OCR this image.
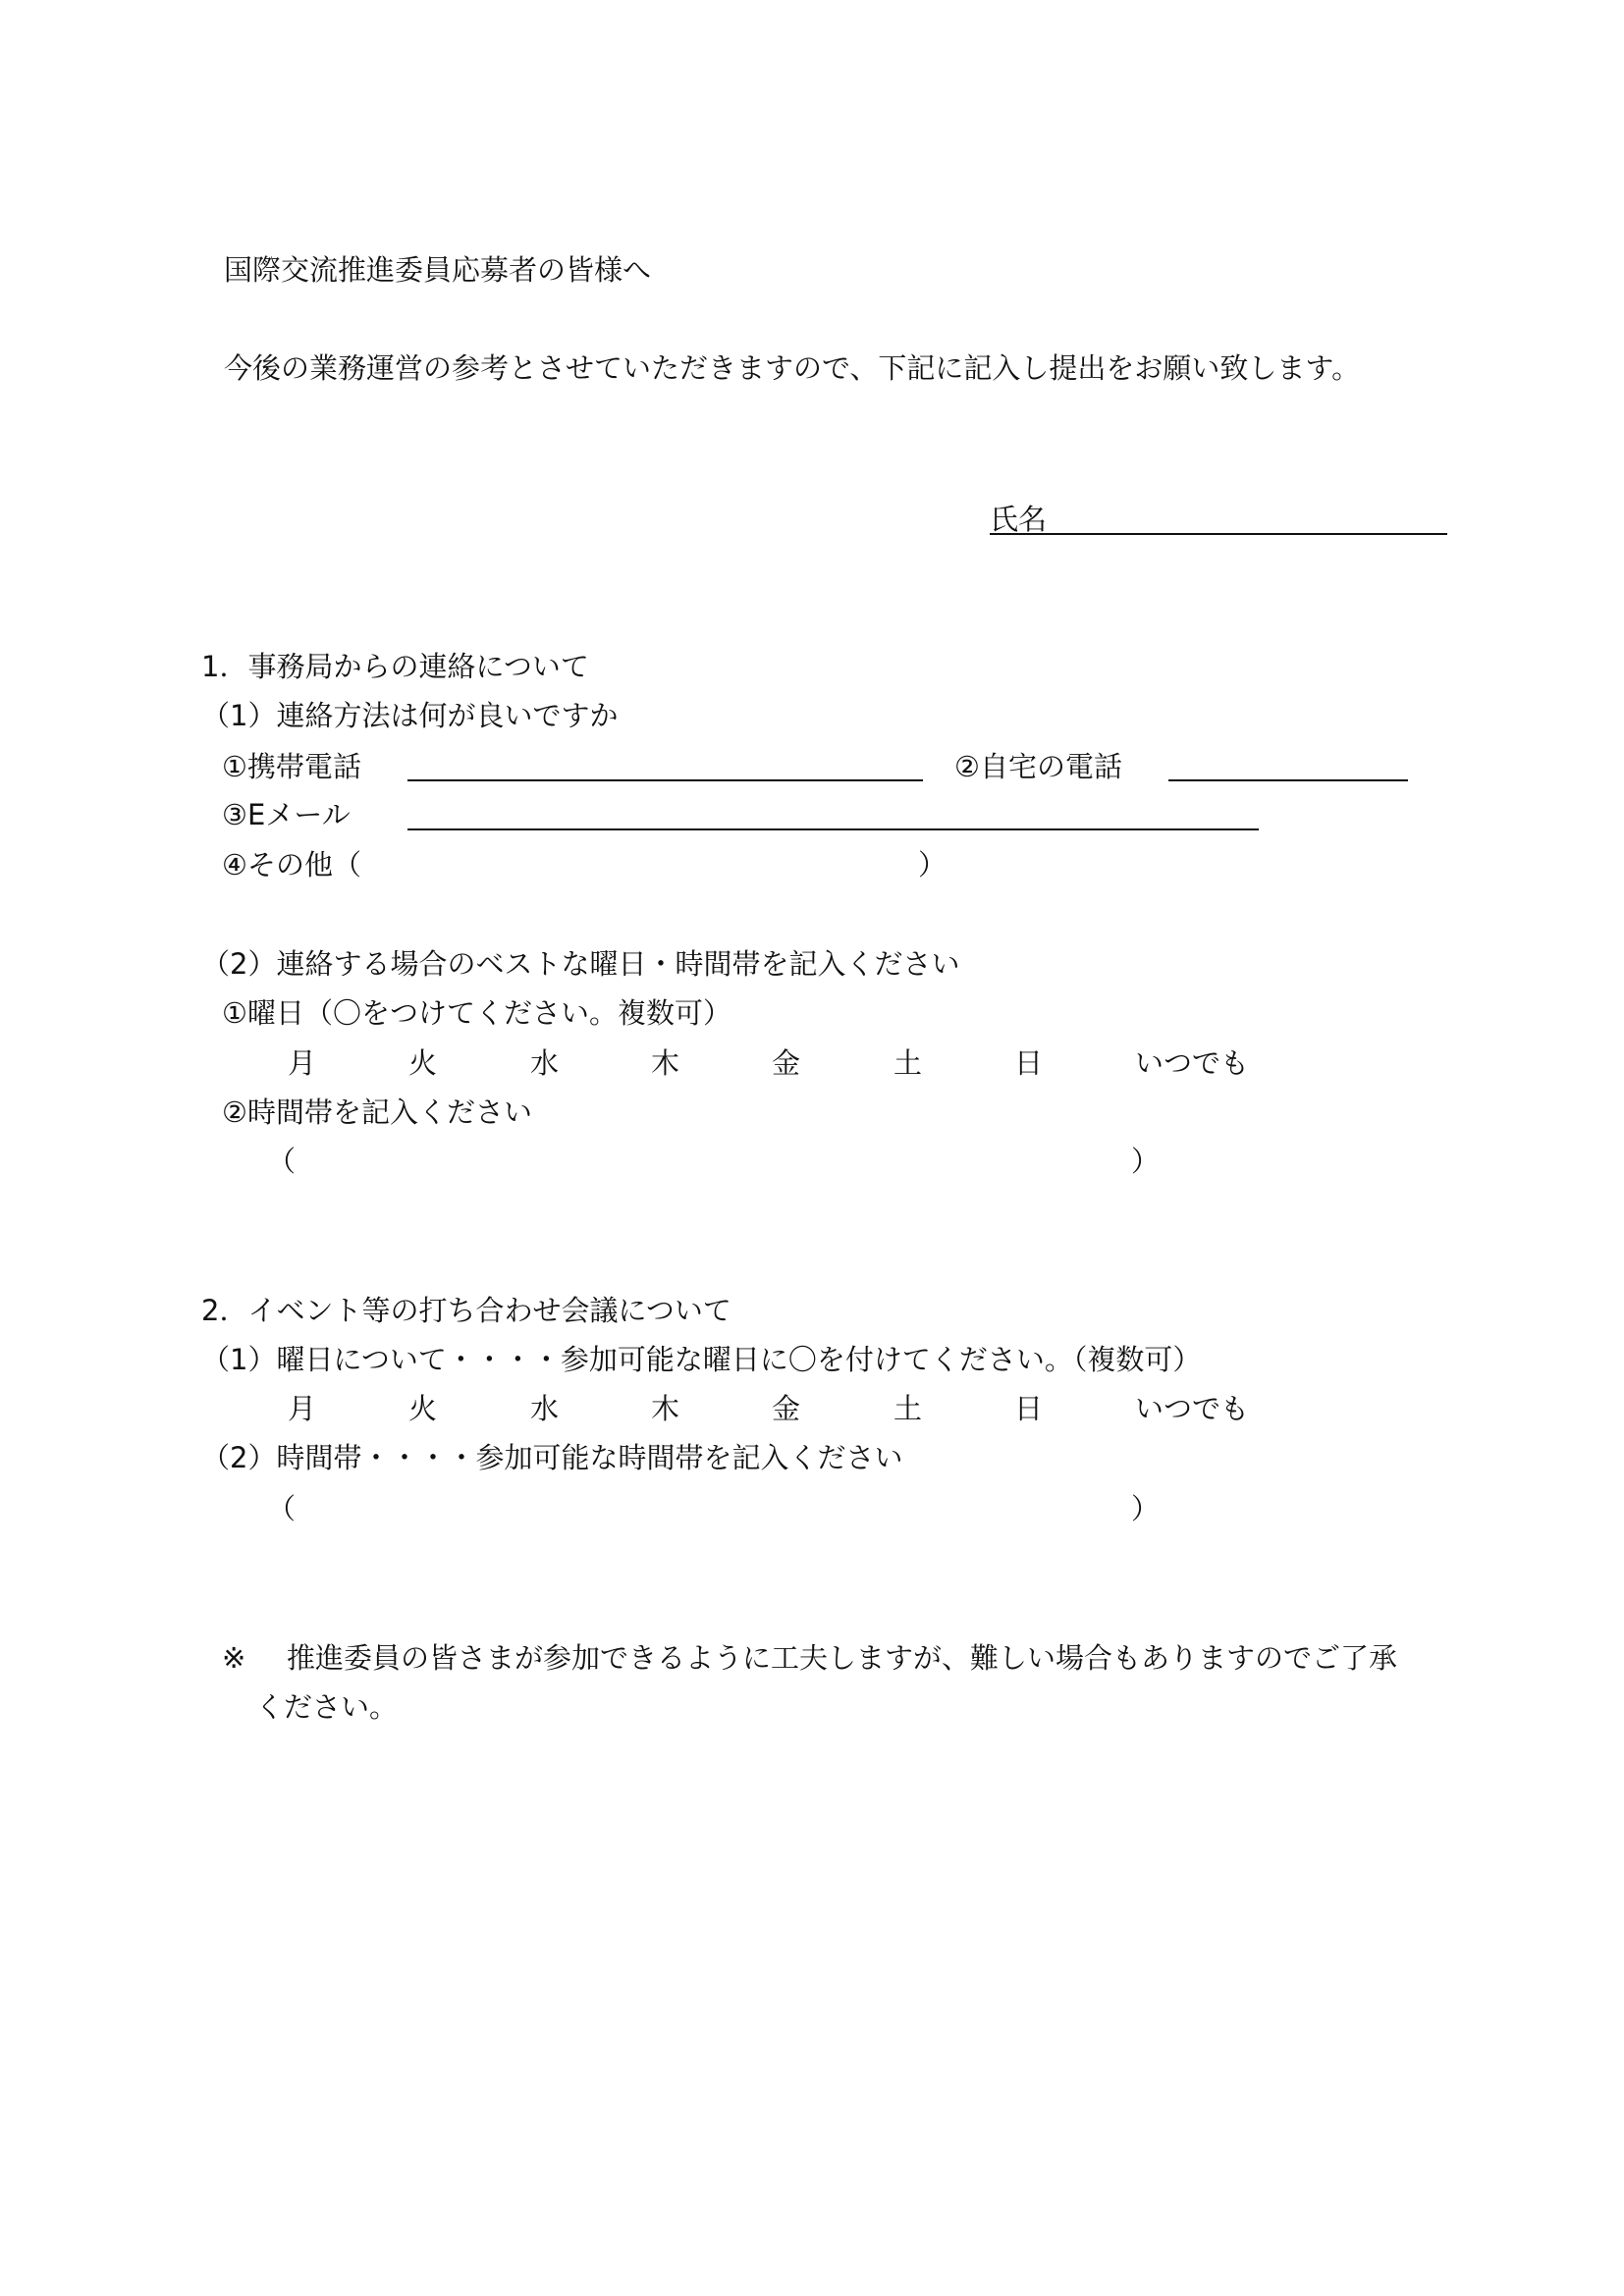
国際交流推進委員応募者の皆様へ
今後の業務運営の参考とさせていただきますので、下記に記入し提出をお願い致します。
氏名
1．事務局からの連絡について
（1）連絡方法は何が良いですか
①携帯電話	②自宅の電話
③Eメール
④その他（	）
（2）連絡する場合のベストな曜日・時間帯を記入ください
①曜日（〇をつけてください。複数可）
月	火	水	木	金	土	日	いつでも
②時間帯を記入ください
（	）
2．イベント等の打ち合わせ会議について
（1）曜日について・・・・参加可能な曜日に〇を付けてください。（複数可）
月	火	水	木	金	土	日	いつでも
（2）時間帯・・・・参加可能な時間帯を記入ください
（	）
※ 推進委員の皆さまが参加できるように工夫しますが、難しい場合もありますのでご了承
ください。
